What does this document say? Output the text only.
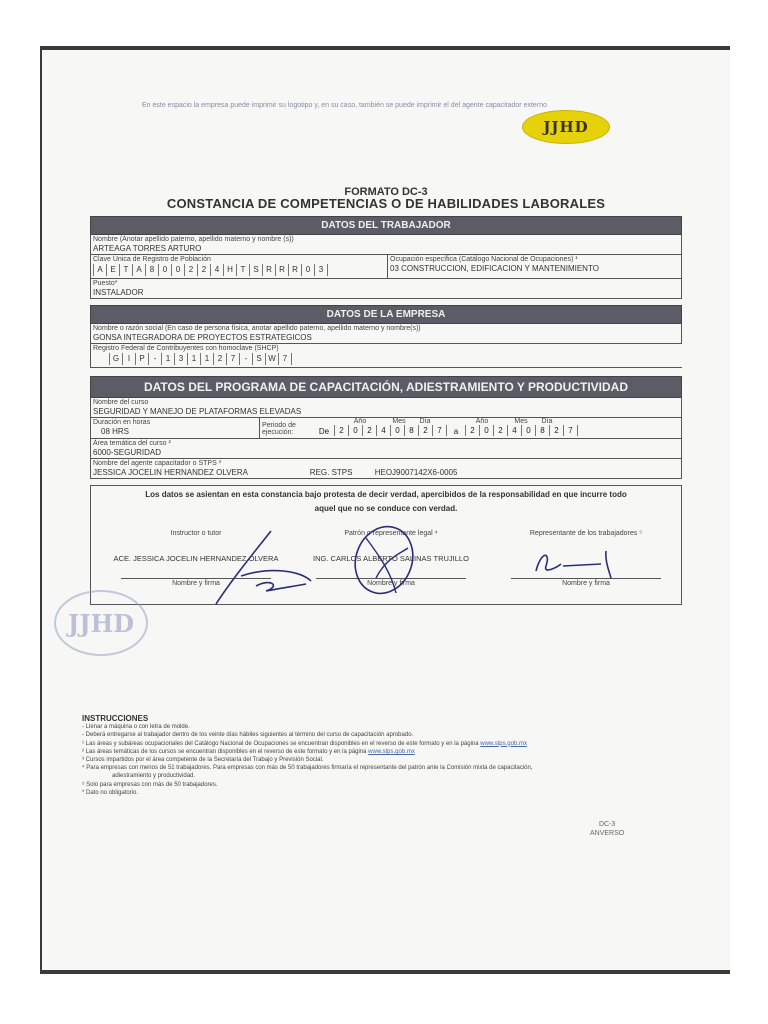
En este espacio la empresa puede imprimir su logotipo y, en su caso, también se puede imprimir el del agente capacitador externo
JJHD
FORMATO DC-3
CONSTANCIA DE COMPETENCIAS O DE HABILIDADES LABORALES
DATOS DEL TRABAJADOR
Nombre (Anotar apellido paterno, apellido materno y nombre (s))
ARTEAGA TORRES ARTURO
Clave Única de Registro de Población
A E T A	8	0	0	2	2	4 H T S R R R 0	3
Ocupación específica (Catálogo Nacional de Ocupaciones) ¹
03 CONSTRUCCION, EDIFICACION Y MANTENIMIENTO
Puesto*
INSTALADOR
DATOS DE LA EMPRESA
Nombre o razón social (En caso de persona física, anotar apellido paterno, apellido materno y nombre(s))
GONSA INTEGRADORA DE PROYECTOS ESTRATEGICOS
Registro Federal de Contribuyentes con homoclave (SHCP)
G	I	P	-	1	3	1	1	2	7	-	S W 7
DATOS DEL PROGRAMA DE CAPACITACIÓN, ADIESTRAMIENTO Y PRODUCTIVIDAD
Nombre del curso
SEGURIDAD Y MANEJO DE PLATAFORMAS ELEVADAS
Duración en horas
08 HRS
Periodo de ejecución:
Año	Mes	Día	Año	Mes	Día
De	2	0	2	4	0	8	2	7	a	2	0	2	4	0	8	2	7
Área temática del curso ²
6000-SEGURIDAD
Nombre del agente capacitador o STPS ³
JESSICA JOCELIN HERNANDEZ OLVERA	REG. STPS	HEOJ9007142X6-0005
Los datos se asientan en esta constancia bajo protesta de decir verdad, apercibidos de la responsabilidad en que incurre todo
aquel que no se conduce con verdad.
Instructor o tutor	Patrón o representante legal ⁴	Representante de los trabajadores ⁵
ACE. JESSICA JOCELIN HERNANDEZ OLVERA	ING. CARLOS ALBERTO SALINAS TRUJILLO
Nombre y firma	Nombre y firma	Nombre y firma
JJHD
INSTRUCCIONES
- Llenar a máquina o con letra de molde.
- Deberá entregarse al trabajador dentro de los veinte días hábiles siguientes al término del curso de capacitación aprobado.
¹ Las áreas y subáreas ocupacionales del Catálogo Nacional de Ocupaciones se encuentran disponibles en el reverso de este formato y en la página www.stps.gob.mx
² Las áreas temáticas de los cursos se encuentran disponibles en el reverso de este formato y en la página www.stps.gob.mx
³ Cursos impartidos por el área competente de la Secretaría del Trabajo y Previsión Social.
⁴ Para empresas con menos de 51 trabajadores. Para empresas con más de 50 trabajadores firmaría el representante del patrón ante la Comisión mixta de capacitación,
adiestramiento y productividad.
⁵ Solo para empresas con más de 50 trabajadores.
* Dato no obligatorio.
DC-3
ANVERSO
